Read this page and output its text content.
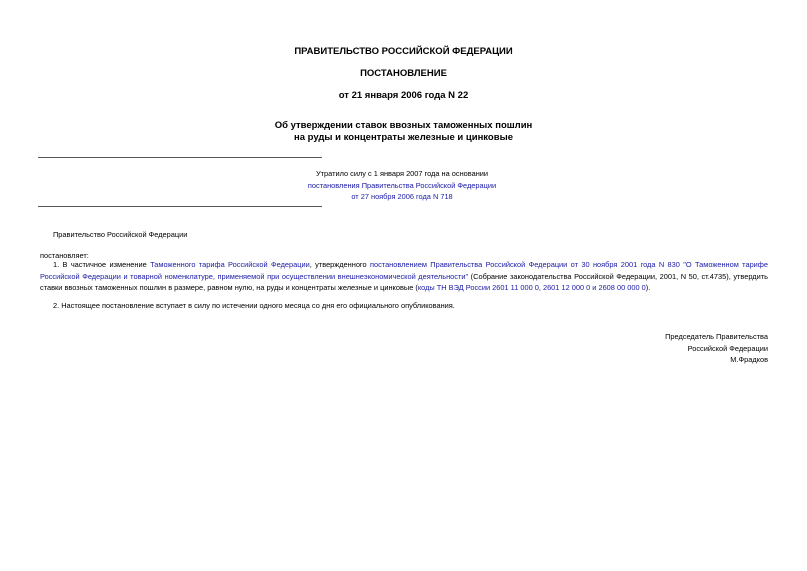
ПРАВИТЕЛЬСТВО РОССИЙСКОЙ ФЕДЕРАЦИИ
ПОСТАНОВЛЕНИЕ
от 21 января 2006 года N 22
Об утверждении ставок ввозных таможенных пошлин
на руды и концентраты железные и цинковые
Утратило силу с 1 января 2007 года на основании
постановления Правительства Российской Федерации
от 27 ноября 2006 года N 718
Правительство Российской Федерации
постановляет:
1. В частичное изменение Таможенного тарифа Российской Федерации, утвержденного постановлением Правительства Российской Федерации от 30 ноября 2001 года N 830 "О Таможенном тарифе Российской Федерации и товарной номенклатуре, применяемой при осуществлении внешнеэкономической деятельности" (Собрание законодательства Российской Федерации, 2001, N 50, ст.4735), утвердить ставки ввозных таможенных пошлин в размере, равном нулю, на руды и концентраты железные и цинковые (коды ТН ВЭД России 2601 11 000 0, 2601 12 000 0 и 2608 00 000 0).
2. Настоящее постановление вступает в силу по истечении одного месяца со дня его официального опубликования.
Председатель Правительства
Российской Федерации
М.Фрадков
